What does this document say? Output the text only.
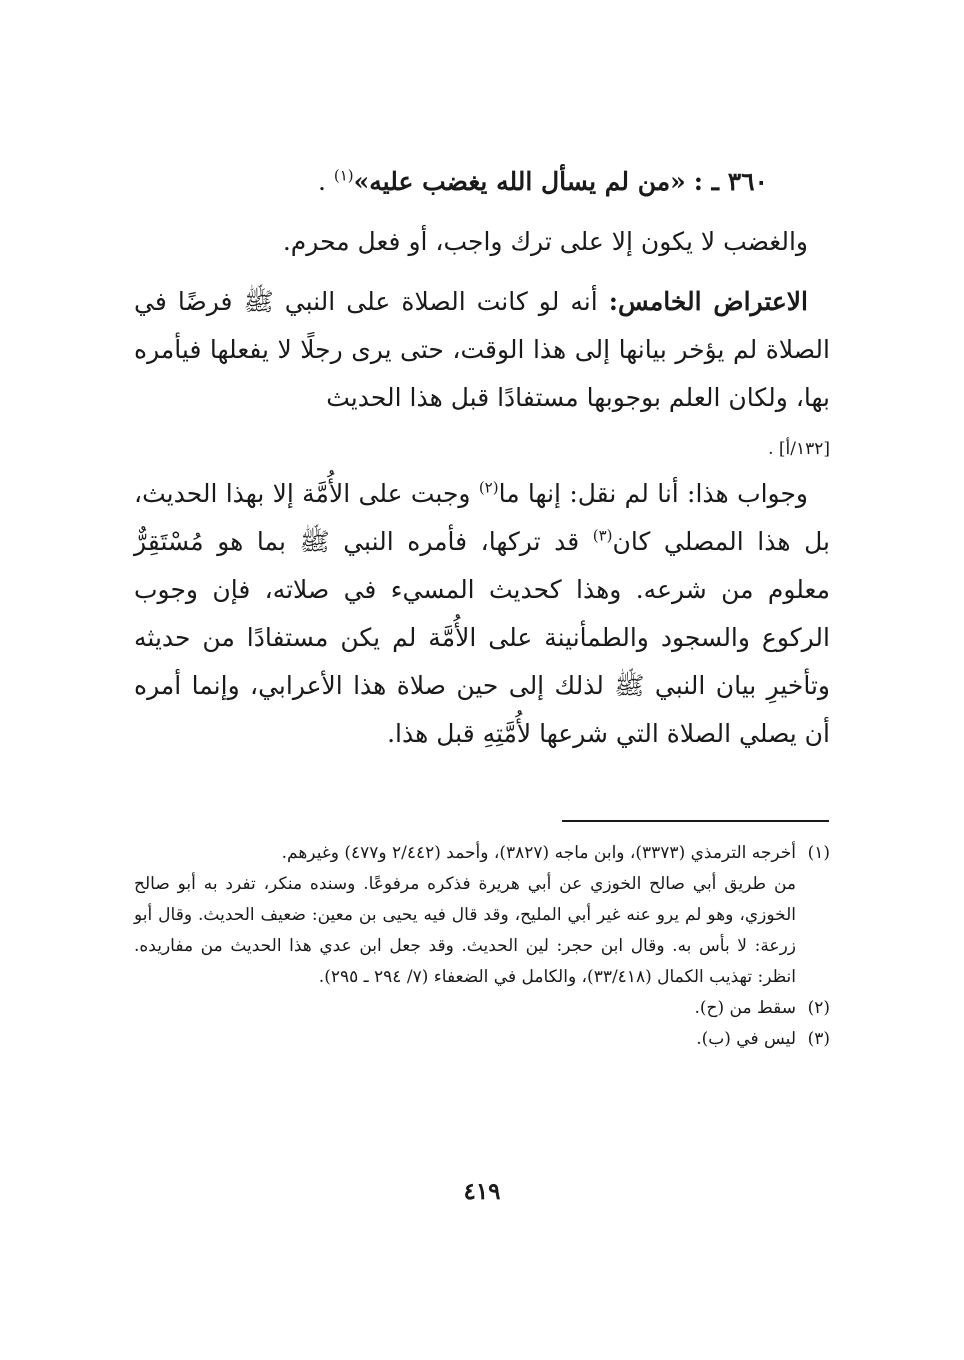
٣٦٠ ـ : «من لم يسأل الله يغضب عليه»$^{(١)}$ .

والغضب لا يكون إلا على ترك واجب، أو فعل محرم.

الاعتراض الخامس: أنه لو كانت الصلاة على النبي ﷺ فرضًا في الصلاة لم يؤخر بيانها إلى هذا الوقت، حتى يرى رجلًا لا يفعلها فيأمره بها، ولكان العلم بوجوبها مستفادًا قبل هذا الحديث
[١٣٢/أ] .

وجواب هذا: أنا لم نقل: إنها ما$^{(٢)}$ وجبت على الأُمَّة إلا بهذا الحديث، بل هذا المصلي كان$^{(٣)}$ قد تركها، فأمره النبي ﷺ بما هو مُسْتَقِرٌّ معلوم من شرعه. وهذا كحديث المسيء في صلاته، فإن وجوب الركوع والسجود والطمأنينة على الأُمَّة لم يكن مستفادًا من حديثه وتأخيرِ بيان النبي ﷺ لذلك إلى حين صلاة هذا الأعرابي، وإنما أمره أن يصلي الصلاة التي شرعها لأُمَّتِهِ قبل هذا.

(١)
أخرجه الترمذي (٣٣٧٣)، وابن ماجه (٣٨٢٧)، وأحمد (٢/٤٤٢ و٤٧٧) وغيرهم.

من طريق أبي صالح الخوزي عن أبي هريرة فذكره مرفوعًا. وسنده منكر، تفرد به أبو صالح الخوزي، وهو لم يرو عنه غير أبي المليح، وقد قال فيه يحيى بن معين: ضعيف الحديث. وقال أبو زرعة: لا بأس به. وقال ابن حجر: لين الحديث. وقد جعل ابن عدي هذا الحديث من مفاريده. انظر: تهذيب الكمال (٣٣/٤١٨)، والكامل في الضعفاء (٧/ ٢٩٤ ـ ٢٩٥).

(٢)
سقط من (ح).
(٣)
ليس في (ب).
٤١٩
